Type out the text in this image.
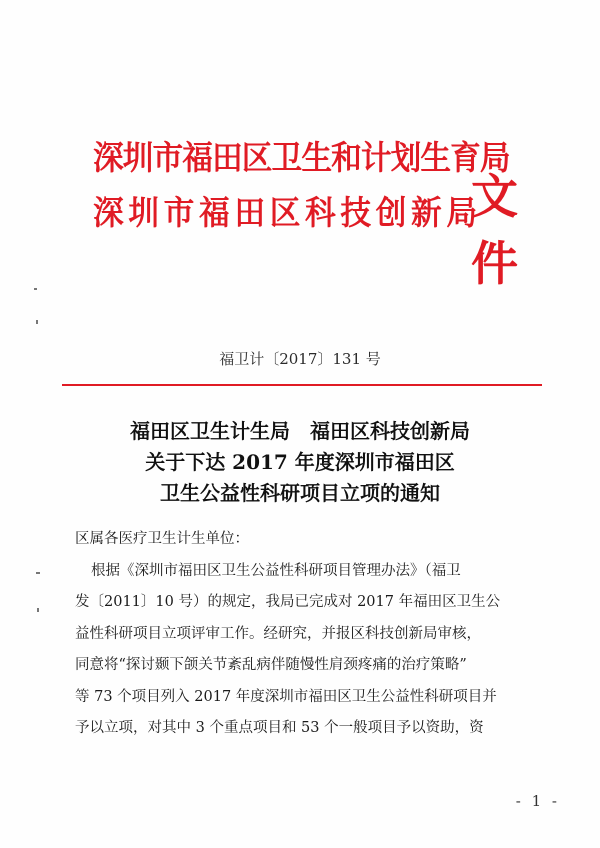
深圳市福田区卫生和计划生育局
深圳市福田区科技创新局
文件
福卫计〔2017〕131 号
福田区卫生计生局　福田区科技创新局
关于下达 2017 年度深圳市福田区
卫生公益性科研项目立项的通知

区属各医疗卫生计生单位：

根据《深圳市福田区卫生公益性科研项目管理办法》（福卫

发〔2011〕10 号）的规定，我局已完成对 2017 年福田区卫生公

益性科研项目立项评审工作。经研究，并报区科技创新局审核，

同意将“探讨颞下颌关节紊乱病伴随慢性肩颈疼痛的治疗策略”

等 73 个项目列入 2017 年度深圳市福田区卫生公益性科研项目并

予以立项，对其中 3 个重点项目和 53 个一般项目予以资助，资

- 1 -
